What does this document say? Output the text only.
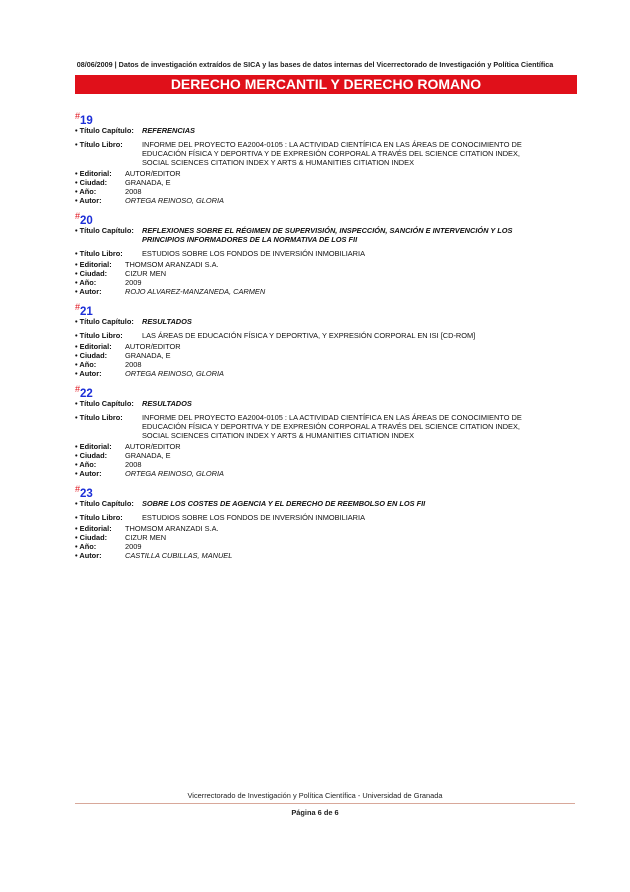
08/06/2009 | Datos de investigación extraídos de SICA y las bases de datos internas del Vicerrectorado de Investigación y Política Científica
DERECHO MERCANTIL Y DERECHO ROMANO
#19
• Título Capítulo:	REFERENCIAS
• Título Libro:	INFORME DEL PROYECTO EA2004-0105 : LA ACTIVIDAD CIENTÍFICA EN LAS ÁREAS DE CONOCIMIENTO DE EDUCACIÓN FÍSICA Y DEPORTIVA Y DE EXPRESIÓN CORPORAL A TRAVÉS DEL SCIENCE CITATION INDEX, SOCIAL SCIENCES CITATION INDEX Y ARTS & HUMANITIES CITIATION INDEX
• Editorial:	AUTOR/EDITOR
• Ciudad:	GRANADA, E
• Año:	2008
• Autor:	ORTEGA REINOSO, GLORIA
#20
• Título Capítulo:	REFLEXIONES SOBRE EL RÉGIMEN DE SUPERVISIÓN, INSPECCIÓN, SANCIÓN E INTERVENCIÓN Y LOS PRINCIPIOS INFORMADORES DE LA NORMATIVA DE LOS FII
• Título Libro:	ESTUDIOS SOBRE LOS FONDOS DE INVERSIÓN INMOBILIARIA
• Editorial:	THOMSOM ARANZADI S.A.
• Ciudad:	CIZUR MEN
• Año:	2009
• Autor:	ROJO ALVAREZ-MANZANEDA, CARMEN
#21
• Título Capítulo:	RESULTADOS
• Título Libro:	LAS ÁREAS DE EDUCACIÓN FÍSICA Y DEPORTIVA, Y EXPRESIÓN CORPORAL EN ISI [CD-ROM]
• Editorial:	AUTOR/EDITOR
• Ciudad:	GRANADA, E
• Año:	2008
• Autor:	ORTEGA REINOSO, GLORIA
#22
• Título Capítulo:	RESULTADOS
• Título Libro:	INFORME DEL PROYECTO EA2004-0105 : LA ACTIVIDAD CIENTÍFICA EN LAS ÁREAS DE CONOCIMIENTO DE EDUCACIÓN FÍSICA Y DEPORTIVA Y DE EXPRESIÓN CORPORAL A TRAVÉS DEL SCIENCE CITATION INDEX, SOCIAL SCIENCES CITATION INDEX Y ARTS & HUMANITIES CITIATION INDEX
• Editorial:	AUTOR/EDITOR
• Ciudad:	GRANADA, E
• Año:	2008
• Autor:	ORTEGA REINOSO, GLORIA
#23
• Título Capítulo:	SOBRE LOS COSTES DE AGENCIA Y EL DERECHO DE REEMBOLSO EN LOS FII
• Título Libro:	ESTUDIOS SOBRE LOS FONDOS DE INVERSIÓN INMOBILIARIA
• Editorial:	THOMSOM ARANZADI S.A.
• Ciudad:	CIZUR MEN
• Año:	2009
• Autor:	CASTILLA CUBILLAS, MANUEL
Vicerrectorado de Investigación y Política Científica - Universidad de Granada
Página 6 de 6
